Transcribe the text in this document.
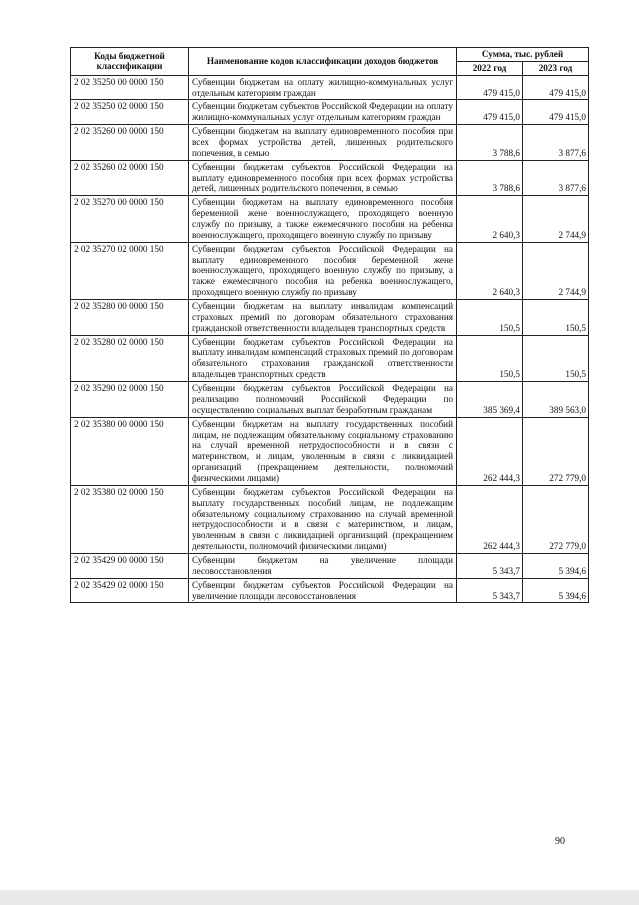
Коды бюджетной классификации	Наименование кодов классификации доходов бюджетов	Сумма, тыс. рублей	
		2022 год	2023 год
2 02 35250 00 0000 150	Субвенции бюджетам на оплату жилищно-коммунальных услуг отдельным категориям граждан	479 415,0	479 415,0
2 02 35250 02 0000 150	Субвенции бюджетам субъектов Российской Федерации на оплату жилищно-коммунальных услуг отдельным категориям граждан	479 415,0	479 415,0
2 02 35260 00 0000 150	Субвенции бюджетам на выплату единовременного пособия при всех формах устройства детей, лишенных родительского попечения, в семью	3 788,6	3 877,6
2 02 35260 02 0000 150	Субвенции бюджетам субъектов Российской Федерации на выплату единовременного пособия при всех формах устройства детей, лишенных родительского попечения, в семью	3 788,6	3 877,6
2 02 35270 00 0000 150	Субвенции бюджетам на выплату единовременного пособия беременной жене военнослужащего, проходящего военную службу по призыву, а также ежемесячного пособия на ребенка военнослужащего, проходящего военную службу по призыву	2 640,3	2 744,9
2 02 35270 02 0000 150	Субвенции бюджетам субъектов Российской Федерации на выплату единовременного пособия беременной жене военнослужащего, проходящего военную службу по призыву, а также ежемесячного пособия на ребенка военнослужащего, проходящего военную службу по призыву	2 640,3	2 744,9
2 02 35280 00 0000 150	Субвенции бюджетам на выплату инвалидам компенсаций страховых премий по договорам обязательного страхования гражданской ответственности владельцев транспортных средств	150,5	150,5
2 02 35280 02 0000 150	Субвенции бюджетам субъектов Российской Федерации на выплату инвалидам компенсаций страховых премий по договорам обязательного страхования гражданской ответственности владельцев транспортных средств	150,5	150,5
2 02 35290 02 0000 150	Субвенции бюджетам субъектов Российской Федерации на реализацию полномочий Российской Федерации по осуществлению социальных выплат безработным гражданам	385 369,4	389 563,0
2 02 35380 00 0000 150	Субвенции бюджетам на выплату государственных пособий лицам, не подлежащим обязательному социальному страхованию на случай временной нетрудоспособности и в связи с материнством, и лицам, уволенным в связи с ликвидацией организаций (прекращением деятельности, полномочий физическими лицами)	262 444,3	272 779,0
2 02 35380 02 0000 150	Субвенции бюджетам субъектов Российской Федерации на выплату государственных пособий лицам, не подлежащим обязательному социальному страхованию на случай временной нетрудоспособности и в связи с материнством, и лицам, уволенным в связи с ликвидацией организаций (прекращением деятельности, полномочий физическими лицами)	262 444,3	272 779,0
2 02 35429 00 0000 150	Субвенции бюджетам на увеличение площади лесовосстановления	5 343,7	5 394,6
2 02 35429 02 0000 150	Субвенции бюджетам субъектов Российской Федерации на увеличение площади лесовосстановления	5 343,7	5 394,6
90
